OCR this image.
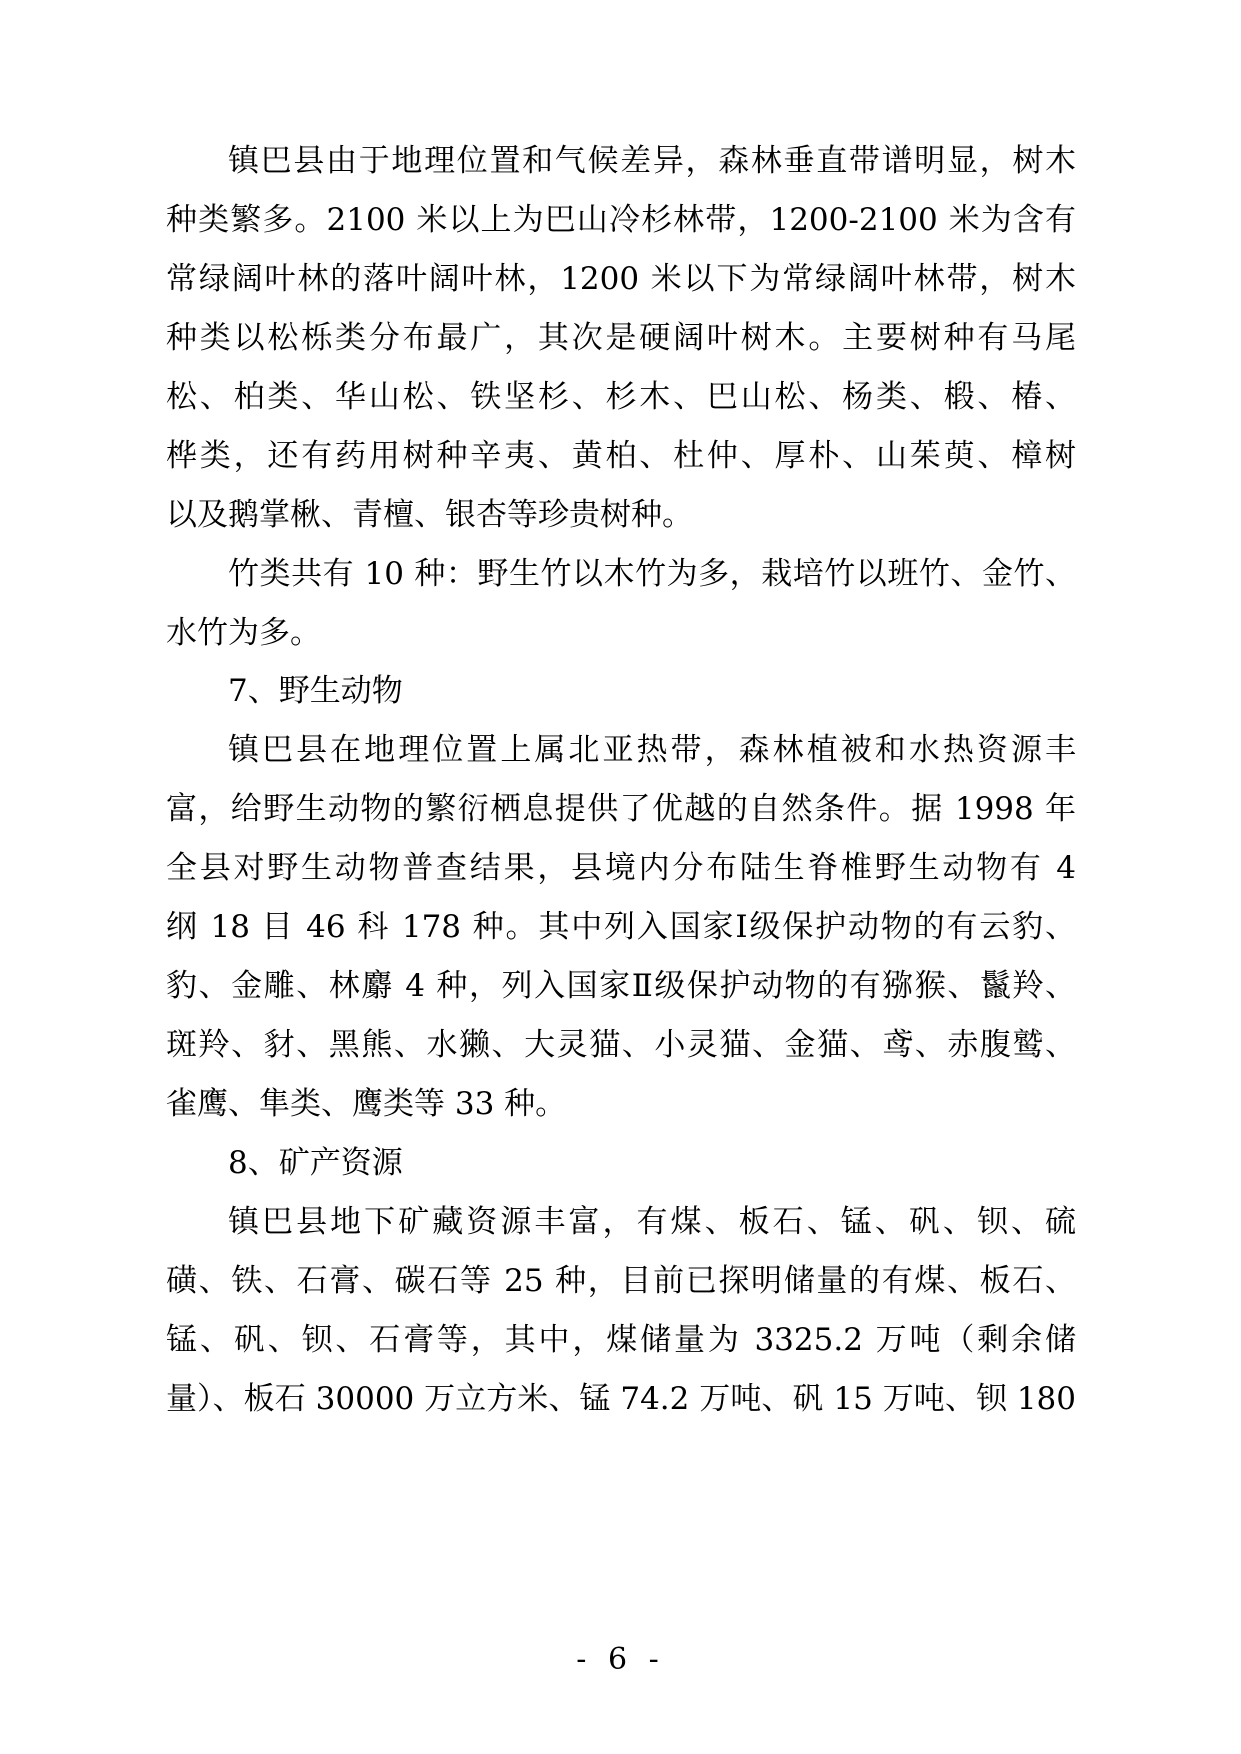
镇巴县由于地理位置和气候差异，森林垂直带谱明显，树木
种类繁多。2100 米以上为巴山冷杉林带，1200-2100 米为含有
常绿阔叶林的落叶阔叶林，1200 米以下为常绿阔叶林带，树木
种类以松栎类分布最广，其次是硬阔叶树木。主要树种有马尾
松、柏类、华山松、铁坚杉、杉木、巴山松、杨类、椴、椿、
桦类，还有药用树种辛夷、黄柏、杜仲、厚朴、山茱萸、樟树
以及鹅掌楸、青檀、银杏等珍贵树种。
竹类共有 10 种：野生竹以木竹为多，栽培竹以班竹、金竹、
水竹为多。
7、野生动物
镇巴县在地理位置上属北亚热带，森林植被和水热资源丰
富，给野生动物的繁衍栖息提供了优越的自然条件。据 1998 年
全县对野生动物普查结果，县境内分布陆生脊椎野生动物有 4
纲 18 目 46 科 178 种。其中列入国家Ⅰ级保护动物的有云豹、
豹、金雕、林麝 4 种，列入国家Ⅱ级保护动物的有猕猴、鬣羚、
斑羚、豺、黑熊、水獭、大灵猫、小灵猫、金猫、鸢、赤腹鹫、
雀鹰、隼类、鹰类等 33 种。
8、矿产资源
镇巴县地下矿藏资源丰富，有煤、板石、锰、矾、钡、硫
磺、铁、石膏、碳石等 25 种，目前已探明储量的有煤、板石、
锰、矾、钡、石膏等，其中，煤储量为 3325.2 万吨（剩余储
量）、板石 30000 万立方米、锰 74.2 万吨、矾 15 万吨、钡 180
- 6 -
